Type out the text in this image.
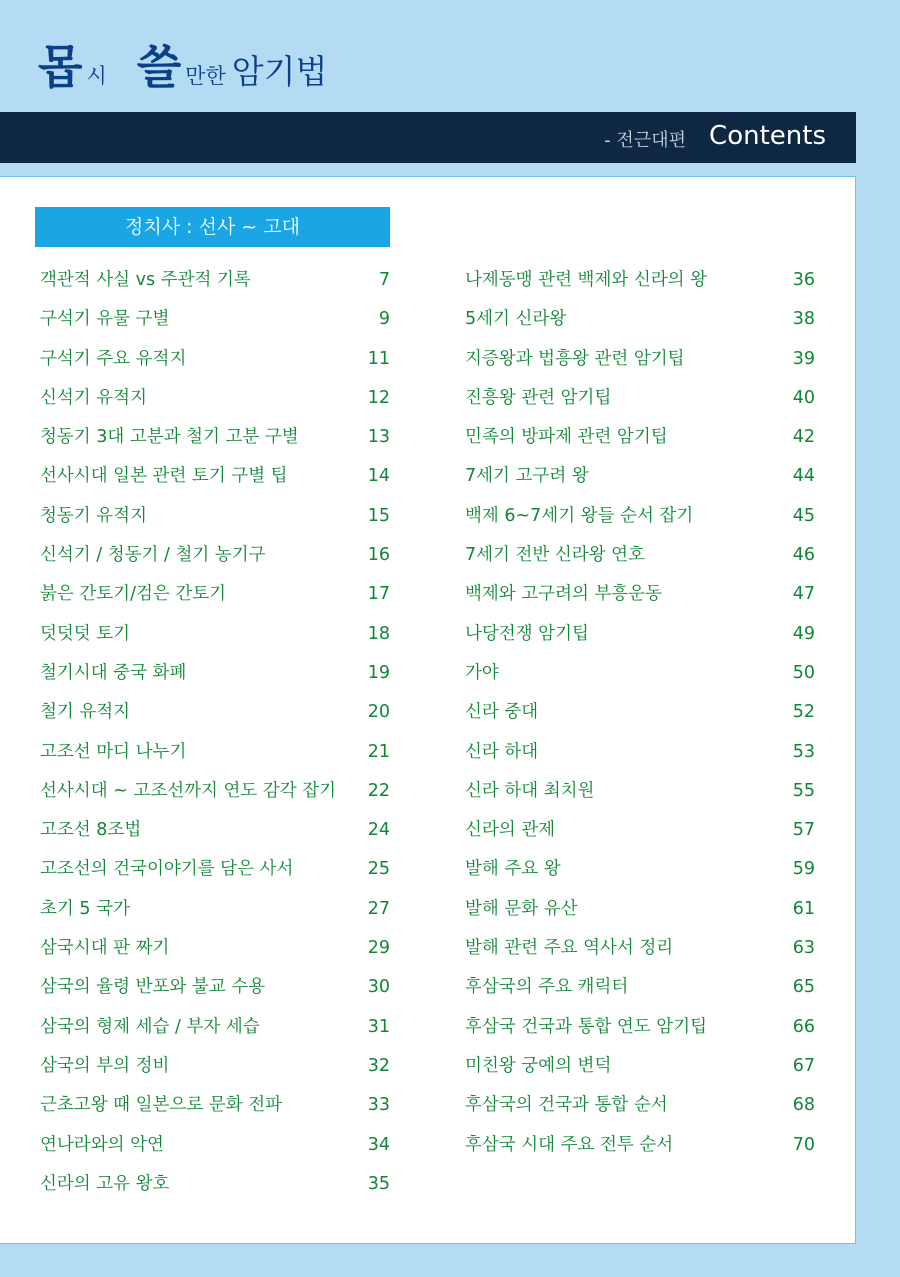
몹시 쓸 만한 암기법
- 전근대편 Contents
정치사 : 선사 ~ 고대
객관적 사실 vs 주관적 기록	7
구석기 유물 구별	9
구석기 주요 유적지	11
신석기 유적지	12
청동기 3대 고분과 철기 고분 구별	13
선사시대 일본 관련 토기 구별 팁	14
청동기 유적지	15
신석기 / 청동기 / 철기 농기구	16
붉은 간토기/검은 간토기	17
덧덧덧 토기	18
철기시대 중국 화폐	19
철기 유적지	20
고조선 마디 나누기	21
선사시대 ~ 고조선까지 연도 감각 잡기 22
고조선 8조법	24
고조선의 건국이야기를 담은 사서	25
초기 5 국가	27
삼국시대 판 짜기	29
삼국의 율령 반포와 불교 수용	30
삼국의 형제 세습 / 부자 세습	31
삼국의 부의 정비	32
근초고왕 때 일본으로 문화 전파	33
연나라와의 악연	34
신라의 고유 왕호	35
나제동맹 관련 백제와 신라의 왕	36
5세기 신라왕	38
지증왕과 법흥왕 관련 암기팁	39
진흥왕 관련 암기팁	40
민족의 방파제 관련 암기팁	42
7세기 고구려 왕	44
백제 6~7세기 왕들 순서 잡기	45
7세기 전반 신라왕 연호	46
백제와 고구려의 부흥운동	47
나당전쟁 암기팁	49
가야	50
신라 중대	52
신라 하대	53
신라 하대 최치원	55
신라의 관제	57
발해 주요 왕	59
발해 문화 유산	61
발해 관련 주요 역사서 정리	63
후삼국의 주요 캐릭터	65
후삼국 건국과 통합 연도 암기팁	66
미친왕 궁예의 변덕	67
후삼국의 건국과 통합 순서	68
후삼국 시대 주요 전투 순서	70
